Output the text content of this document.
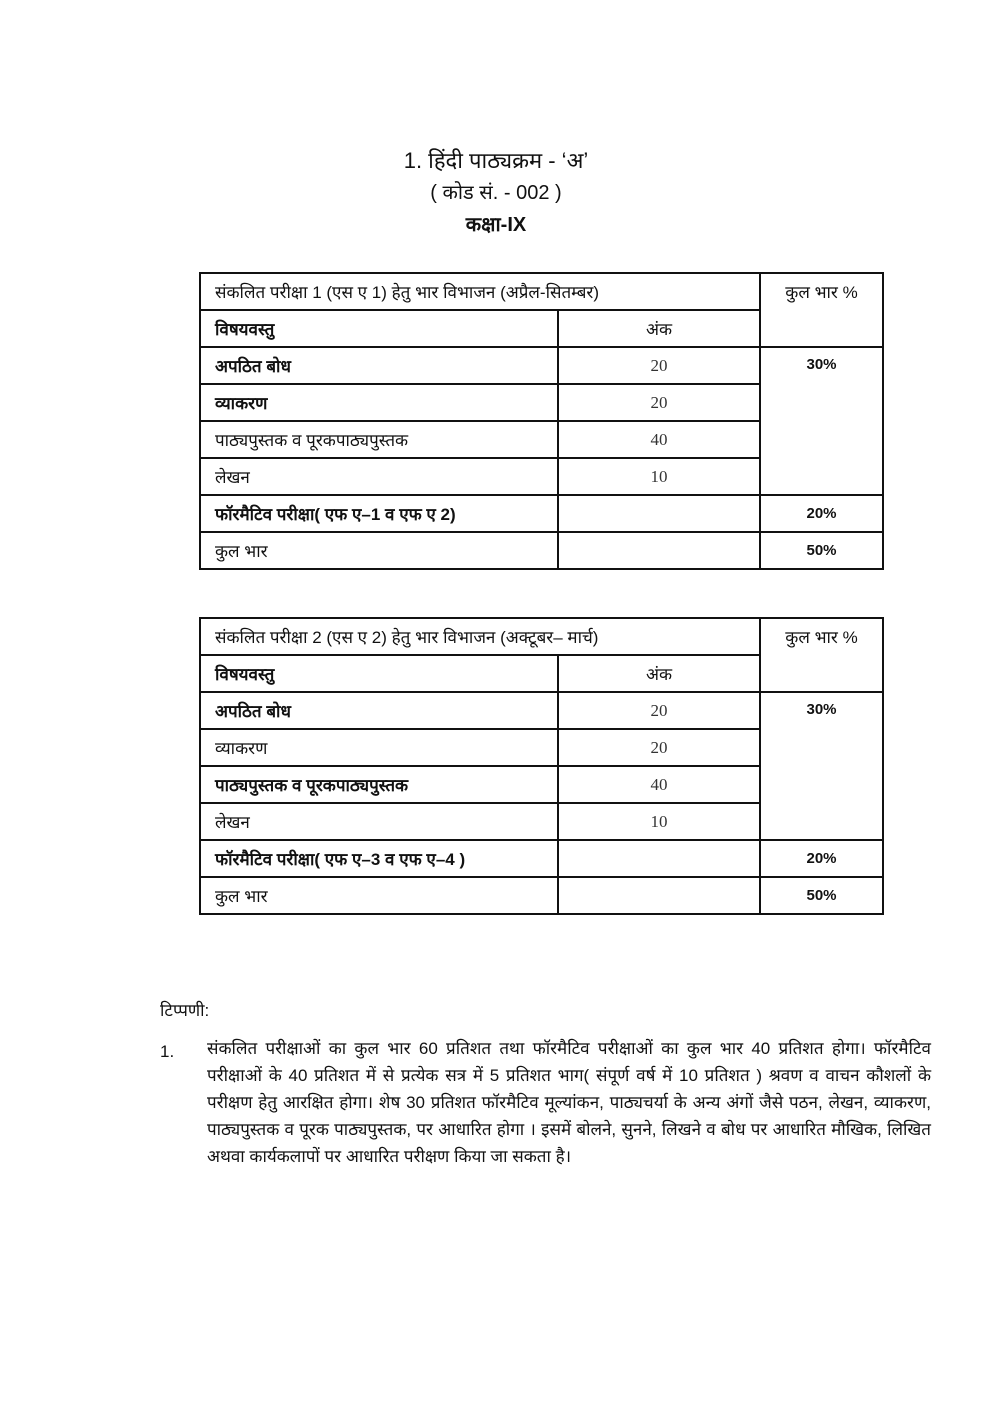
1. हिंदी पाठ्यक्रम - ‘अ’
( कोड सं. - 002 )
कक्षा-IX
संकलित परीक्षा 1 (एस ए 1) हेतु भार विभाजन (अप्रैल-सितम्बर)		कुल भार %
विषयवस्तु	अंक	
अपठित बोध	20	30%
व्याकरण	20	
पाठ्यपुस्तक व पूरकपाठ्यपुस्तक	40	
लेखन	10	
फॉरमैटिव परीक्षा( एफ ए–1 व एफ ए 2)		20%
कुल भार		50%
संकलित परीक्षा 2 (एस ए 2) हेतु भार विभाजन (अक्टूबर– मार्च)		कुल भार %
विषयवस्तु	अंक	
अपठित बोध	20	30%
व्याकरण	20	
पाठ्यपुस्तक व पूरकपाठ्यपुस्तक	40	
लेखन	10	
फॉरमैटिव परीक्षा( एफ ए–3 व एफ ए–4 )		20%
कुल भार		50%
टिप्पणी:
1. संकलित परीक्षाओं का कुल भार 60 प्रतिशत तथा फॉरमैटिव परीक्षाओं का कुल भार 40 प्रतिशत होगा। फॉरमैटिव परीक्षाओं के 40 प्रतिशत में से प्रत्येक सत्र में 5 प्रतिशत भाग( संपूर्ण वर्ष में 10 प्रतिशत ) श्रवण व वाचन कौशलों के परीक्षण हेतु आरक्षित होगा। शेष 30 प्रतिशत फॉरमैटिव मूल्यांकन, पाठ्यचर्या के अन्य अंगों जैसे पठन, लेखन, व्याकरण, पाठ्यपुस्तक व पूरक पाठ्यपुस्तक, पर आधारित होगा । इसमें बोलने, सुनने, लिखने व बोध पर आधारित मौखिक, लिखित अथवा कार्यकलापों पर आधारित परीक्षण किया जा सकता है।
